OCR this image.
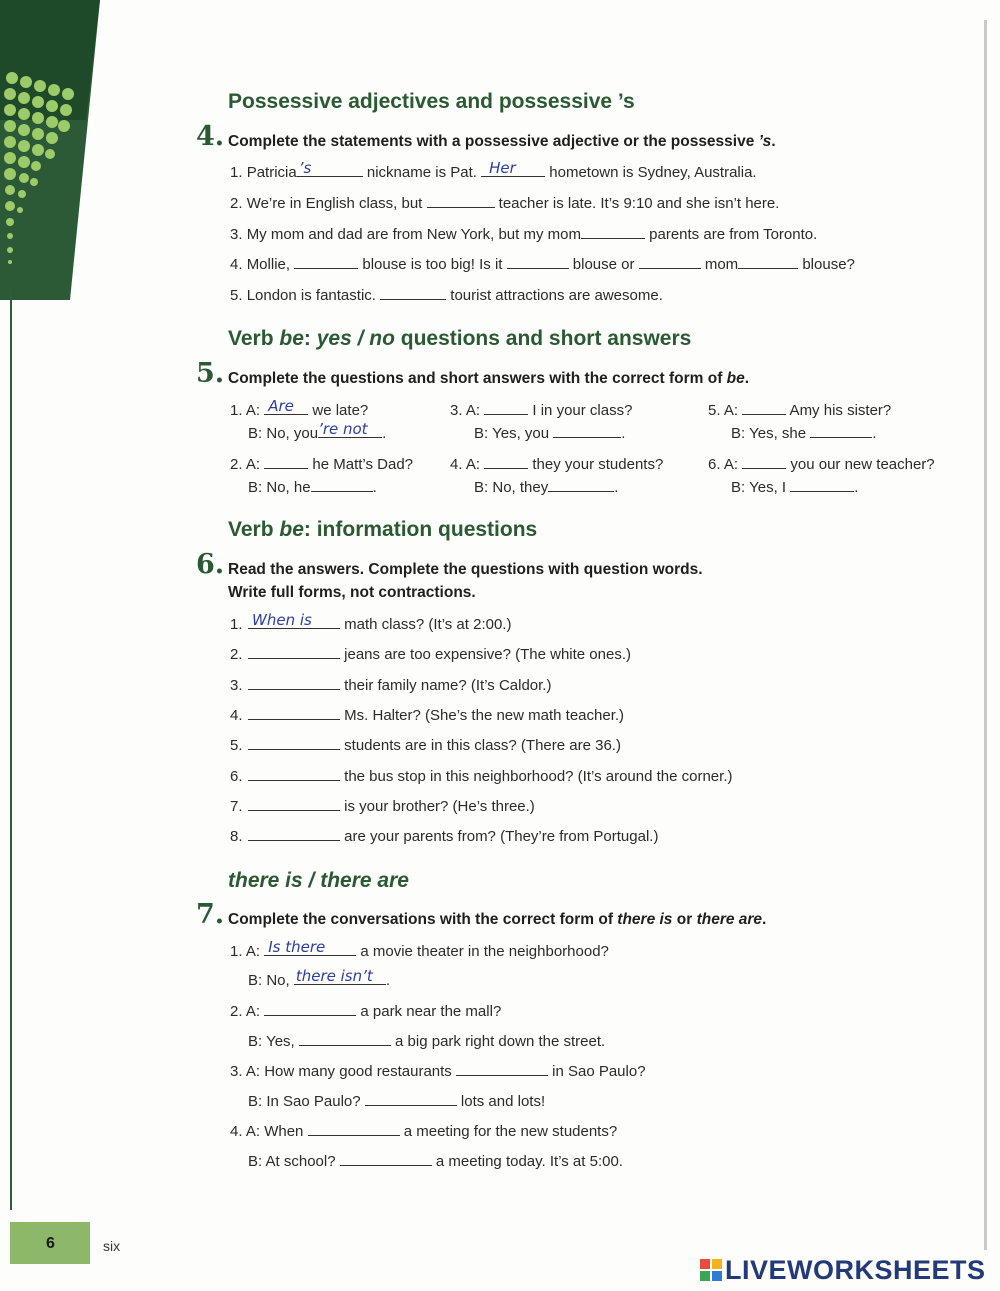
Possessive adjectives and possessive ’s
4. Complete the statements with a possessive adjective or the possessive ’s.
1. Patricia ’s	nickname is Pat. Her hometown is Sydney, Australia.
2. We’re in English class, but	teacher is late. It’s 9:10 and she isn’t here.
3. My mom and dad are from New York, but my mom	parents are from Toronto.
4. Mollie,	blouse is too big! Is it	blouse or	mom	blouse?
5. London is fantastic.	tourist attractions are awesome.
Verb be: yes / no questions and short answers
5. Complete the questions and short answers with the correct form of be.
1. A: Are we late?
B: No, you ’re not .
3. A:	I in your class?
B: Yes, you	.
5. A:	Amy his sister?
B: Yes, she	.
2. A:	he Matt’s Dad?
B: No, he	.
4. A:	they your students?
B: No, they	.
6. A:	you our new teacher?
B: Yes, I	.
Verb be: information questions
6. Read the answers. Complete the questions with question words.
Write full forms, not contractions.
1. When is math class? (It’s at 2:00.)
2.	jeans are too expensive? (The white ones.)
3.	their family name? (It’s Caldor.)
4.	Ms. Halter? (She’s the new math teacher.)
5.	students are in this class? (There are 36.)
6.	the bus stop in this neighborhood? (It’s around the corner.)
7.	is your brother? (He’s three.)
8.	are your parents from? (They’re from Portugal.)
there is / there are
7. Complete the conversations with the correct form of there is or there are.
1. A: Is there a movie theater in the neighborhood?
B: No, there isn’t .
2. A:	a park near the mall?
B: Yes,	a big park right down the street.
3. A: How many good restaurants	in Sao Paulo?
B: In Sao Paulo?	lots and lots!
4. A: When	a meeting for the new students?
B: At school?	a meeting today. It’s at 5:00.
6	six
LIVEWORKSHEETS
